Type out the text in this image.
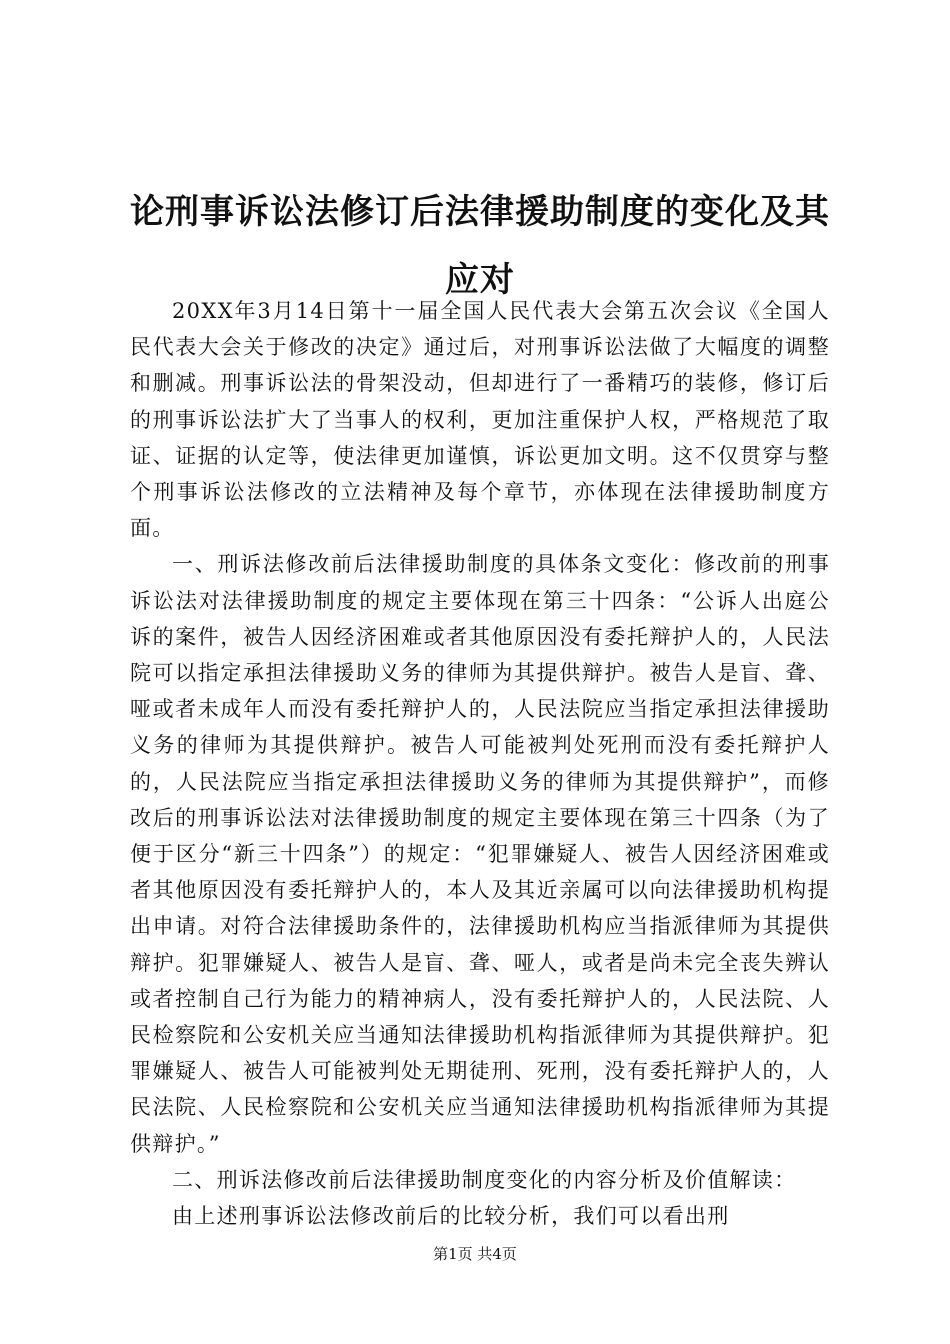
论刑事诉讼法修订后法律援助制度的变化及其应对

20XX年3月14日第十一届全国人民代表大会第五次会议《全国人民代表大会关于修改的决定》通过后，对刑事诉讼法做了大幅度的调整和删减。刑事诉讼法的骨架没动，但却进行了一番精巧的装修，修订后的刑事诉讼法扩大了当事人的权利，更加注重保护人权，严格规范了取证、证据的认定等，使法律更加谨慎，诉讼更加文明。这不仅贯穿与整个刑事诉讼法修改的立法精神及每个章节，亦体现在法律援助制度方面。

一、刑诉法修改前后法律援助制度的具体条文变化：修改前的刑事诉讼法对法律援助制度的规定主要体现在第三十四条：“公诉人出庭公诉的案件，被告人因经济困难或者其他原因没有委托辩护人的，人民法院可以指定承担法律援助义务的律师为其提供辩护。被告人是盲、聋、哑或者未成年人而没有委托辩护人的，人民法院应当指定承担法律援助义务的律师为其提供辩护。被告人可能被判处死刑而没有委托辩护人的，人民法院应当指定承担法律援助义务的律师为其提供辩护”，而修改后的刑事诉讼法对法律援助制度的规定主要体现在第三十四条（为了便于区分“新三十四条”）的规定：“犯罪嫌疑人、被告人因经济困难或者其他原因没有委托辩护人的，本人及其近亲属可以向法律援助机构提出申请。对符合法律援助条件的，法律援助机构应当指派律师为其提供辩护。犯罪嫌疑人、被告人是盲、聋、哑人，或者是尚未完全丧失辨认或者控制自己行为能力的精神病人，没有委托辩护人的，人民法院、人民检察院和公安机关应当通知法律援助机构指派律师为其提供辩护。犯罪嫌疑人、被告人可能被判处无期徒刑、死刑，没有委托辩护人的，人民法院、人民检察院和公安机关应当通知法律援助机构指派律师为其提供辩护。”

二、刑诉法修改前后法律援助制度变化的内容分析及价值解读：

由上述刑事诉讼法修改前后的比较分析，我们可以看出刑

第1页 共4页
